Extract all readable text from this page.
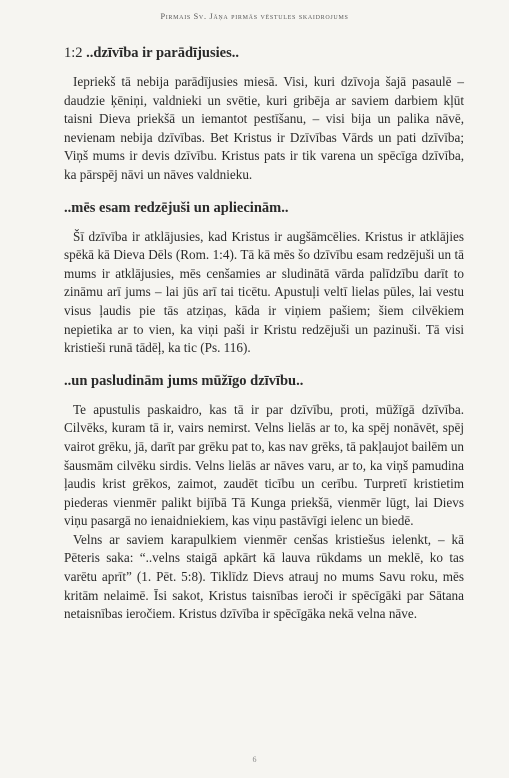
Pirmais Sv. Jāņa pirmās vēstules skaidrojums
1:2 ..dzīvība ir parādījusies..

Iepriekš tā nebija parādījusies miesā. Visi, kuri dzīvoja šajā pasaulē – daudzie ķēniņi, valdnieki un svētie, kuri gribēja ar saviem darbiem kļūt taisni Dieva priekšā un iemantot pestīšanu, – visi bija un palika nāvē, nevienam nebija dzīvības. Bet Kristus ir Dzīvības Vārds un pati dzīvība; Viņš mums ir devis dzīvību. Kristus pats ir tik varena un spēcīga dzīvība, ka pārspēj nāvi un nāves valdnieku.

..mēs esam redzējuši un apliecinām..

Šī dzīvība ir atklājusies, kad Kristus ir augšāmcēlies. Kristus ir atklājies spēkā kā Dieva Dēls (Rom. 1:4). Tā kā mēs šo dzīvību esam redzējuši un tā mums ir atklājusies, mēs cenšamies ar sludinātā vārda palīdzību darīt to zināmu arī jums – lai jūs arī tai ticētu. Apustuļi veltī lielas pūles, lai vestu visus ļaudis pie tās atziņas, kāda ir viņiem pašiem; šiem cilvēkiem nepietika ar to vien, ka viņi paši ir Kristu redzējuši un pazinuši. Tā visi kristieši runā tādēļ, ka tic (Ps. 116).

..un pasludinām jums mūžīgo dzīvību..

Te apustulis paskaidro, kas tā ir par dzīvību, proti, mūžīgā dzīvība. Cilvēks, kuram tā ir, vairs nemirst. Velns lielās ar to, ka spēj nonāvēt, spēj vairot grēku, jā, darīt par grēku pat to, kas nav grēks, tā pakļaujot bailēm un šausmām cilvēku sirdis. Velns lielās ar nāves varu, ar to, ka viņš pamudina ļaudis krist grēkos, zaimot, zaudēt ticību un cerību. Turpretī kristietim piederas vienmēr palikt bijībā Tā Kunga priekšā, vienmēr lūgt, lai Dievs viņu pasargā no ienaidniekiem, kas viņu pastāvīgi ielenc un biedē.

Velns ar saviem karapulkiem vienmēr cenšas kristiešus ielenkt, – kā Pēteris saka: “..velns staigā apkārt kā lauva rūkdams un meklē, ko tas varētu aprīt” (1. Pēt. 5:8). Tiklīdz Dievs atrauj no mums Savu roku, mēs kritām nelaimē. Īsi sakot, Kristus taisnības ieroči ir spēcīgāki par Sātana netaisnības ieročiem. Kristus dzīvība ir spēcīgāka nekā velna nāve.

6
